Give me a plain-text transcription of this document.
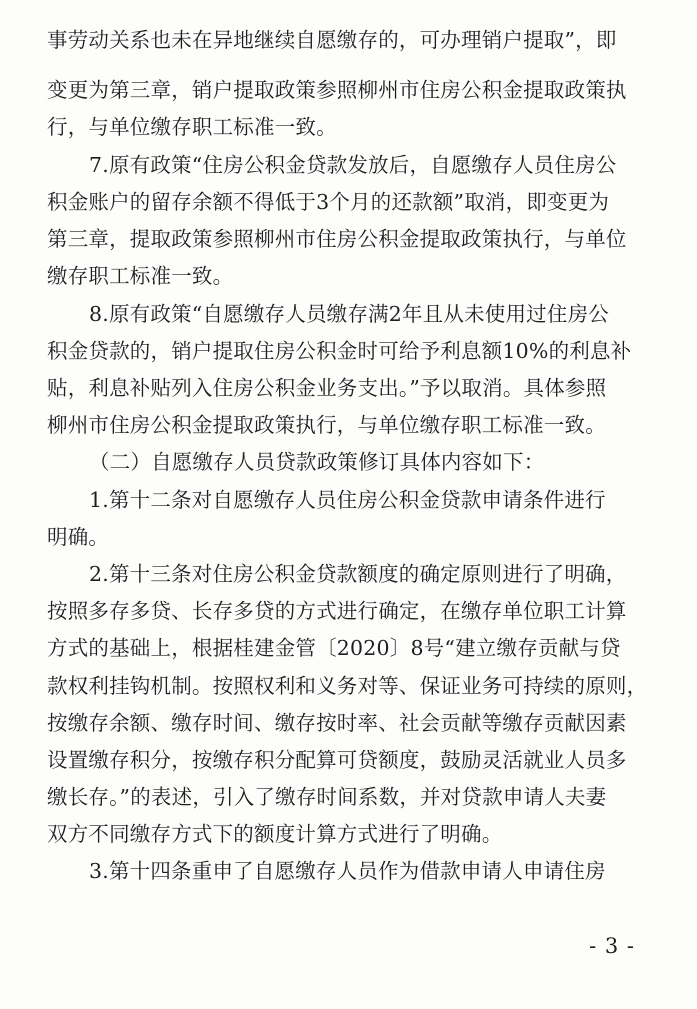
事劳动关系也未在异地继续自愿缴存的，可办理销户提取”，即
变更为第三章，销户提取政策参照柳州市住房公积金提取政策执
行，与单位缴存职工标准一致。
7.原有政策“住房公积金贷款发放后，自愿缴存人员住房公
积金账户的留存余额不得低于3个月的还款额”取消，即变更为
第三章，提取政策参照柳州市住房公积金提取政策执行，与单位
缴存职工标准一致。
8.原有政策“自愿缴存人员缴存满2年且从未使用过住房公
积金贷款的，销户提取住房公积金时可给予利息额10%的利息补
贴，利息补贴列入住房公积金业务支出。”予以取消。具体参照
柳州市住房公积金提取政策执行，与单位缴存职工标准一致。
（二）自愿缴存人员贷款政策修订具体内容如下：
1.第十二条对自愿缴存人员住房公积金贷款申请条件进行
明确。
2.第十三条对住房公积金贷款额度的确定原则进行了明确，
按照多存多贷、长存多贷的方式进行确定，在缴存单位职工计算
方式的基础上，根据桂建金管〔2020〕8号“建立缴存贡献与贷
款权利挂钩机制。按照权利和义务对等、保证业务可持续的原则，
按缴存余额、缴存时间、缴存按时率、社会贡献等缴存贡献因素
设置缴存积分，按缴存积分配算可贷额度，鼓励灵活就业人员多
缴长存。”的表述，引入了缴存时间系数，并对贷款申请人夫妻
双方不同缴存方式下的额度计算方式进行了明确。
3.第十四条重申了自愿缴存人员作为借款申请人申请住房
- 3 -
